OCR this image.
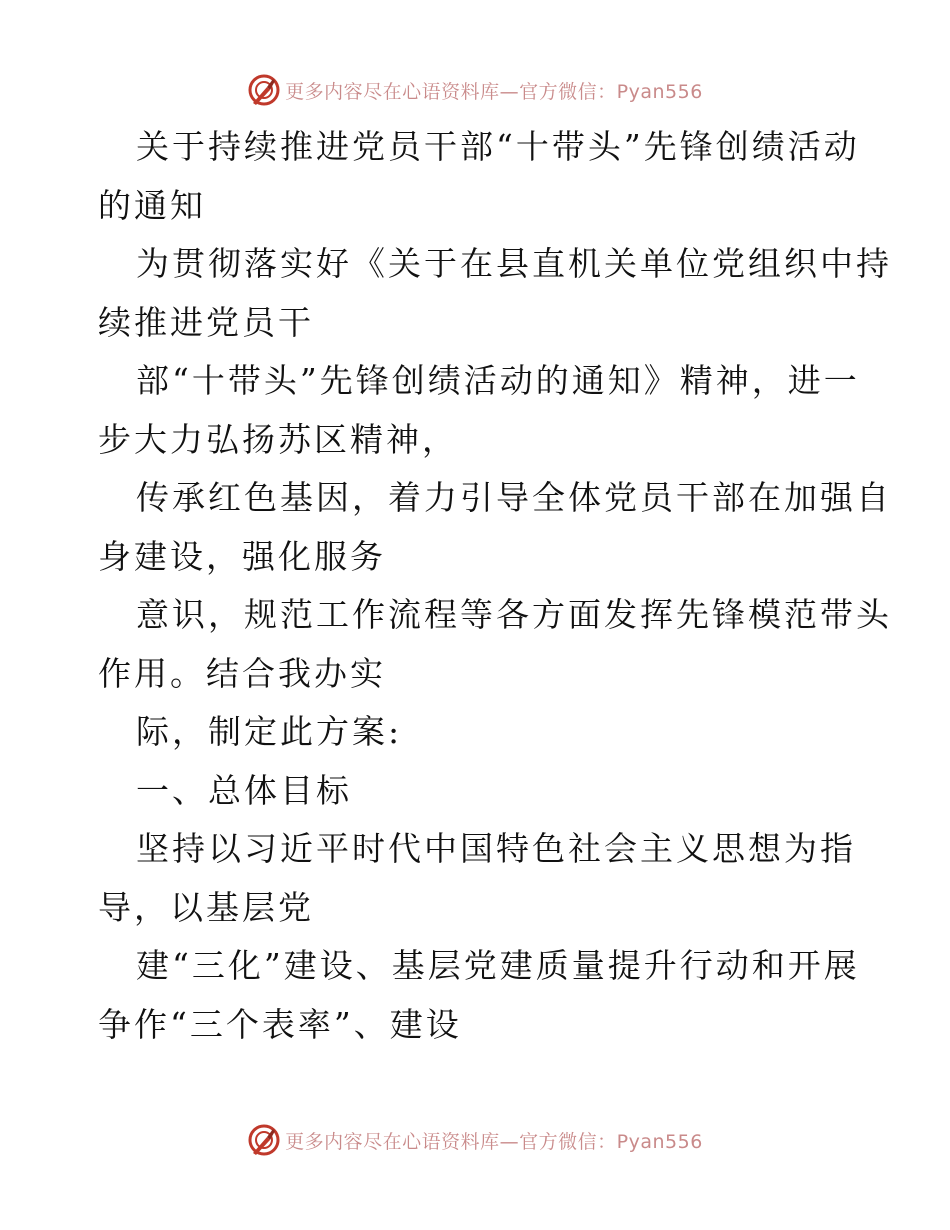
更多内容尽在心语资料库—官方微信：Pyan556
关于持续推进党员干部“十带头”先锋创绩活动
的通知
为贯彻落实好《关于在县直机关单位党组织中持
续推进党员干
部“十带头”先锋创绩活动的通知》精神，进一
步大力弘扬苏区精神，
传承红色基因，着力引导全体党员干部在加强自
身建设，强化服务
意识，规范工作流程等各方面发挥先锋模范带头
作用。结合我办实
际，制定此方案:
一、总体目标
坚持以习近平时代中国特色社会主义思想为指
导，以基层党
建“三化”建设、基层党建质量提升行动和开展
争作“三个表率”、建设
更多内容尽在心语资料库—官方微信：Pyan556
